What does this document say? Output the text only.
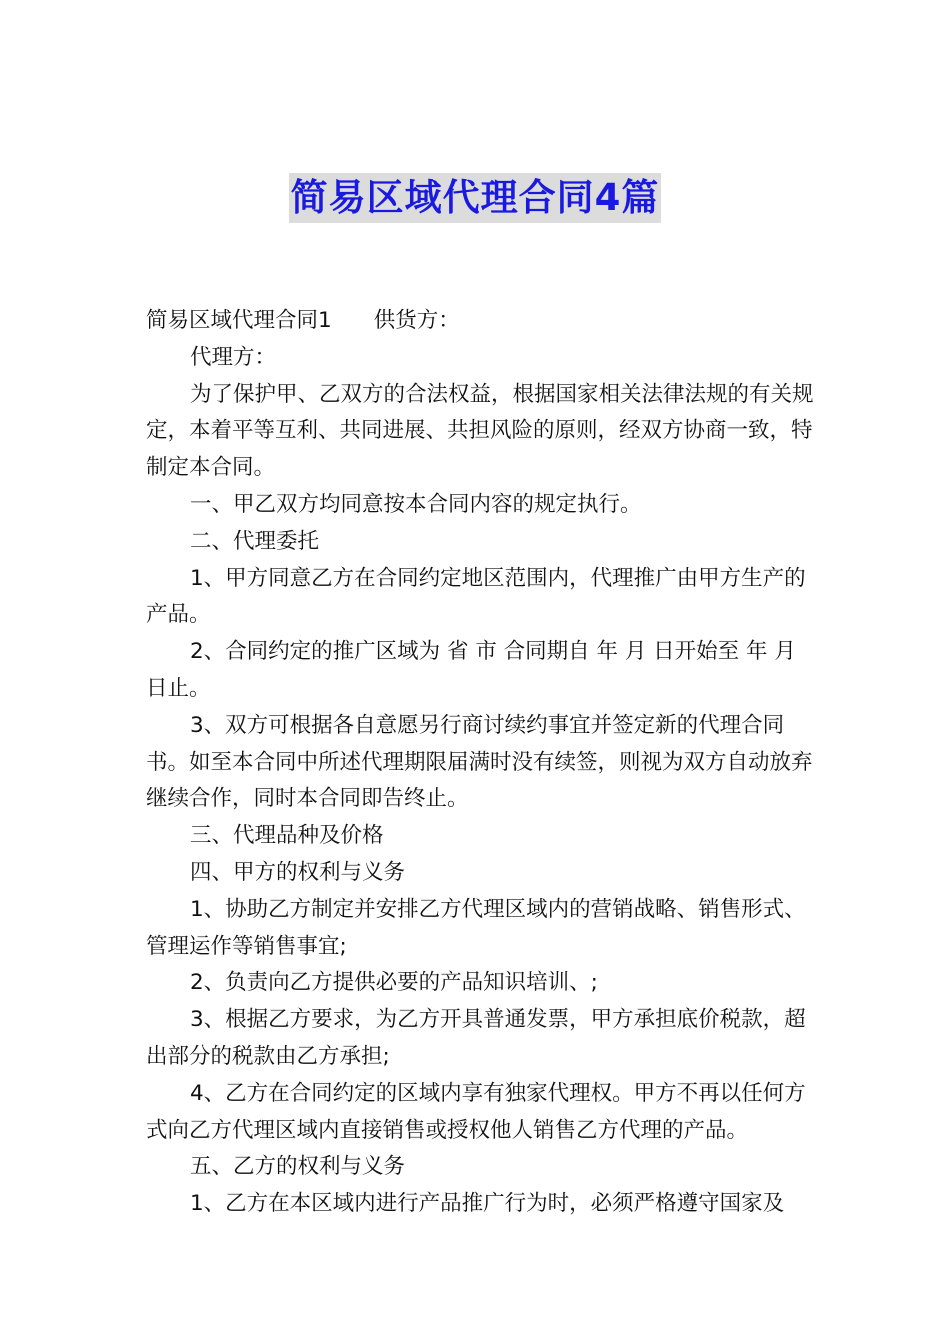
简易区域代理合同4篇

简易区域代理合同1 供货方：

代理方：

为了保护甲、乙双方的合法权益，根据国家相关法律法规的有关规定，本着平等互利、共同进展、共担风险的原则，经双方协商一致，特制定本合同。

一、甲乙双方均同意按本合同内容的规定执行。

二、代理委托

1、甲方同意乙方在合同约定地区范围内，代理推广由甲方生产的产品。

2、合同约定的推广区域为 省 市 合同期自 年 月 日开始至 年 月 日止。

3、双方可根据各自意愿另行商讨续约事宜并签定新的代理合同书。如至本合同中所述代理期限届满时没有续签，则视为双方自动放弃继续合作，同时本合同即告终止。

三、代理品种及价格

四、甲方的权利与义务

1、协助乙方制定并安排乙方代理区域内的营销战略、销售形式、管理运作等销售事宜;

2、负责向乙方提供必要的产品知识培训、;

3、根据乙方要求，为乙方开具普通发票，甲方承担底价税款，超出部分的税款由乙方承担;

4、乙方在合同约定的区域内享有独家代理权。甲方不再以任何方式向乙方代理区域内直接销售或授权他人销售乙方代理的产品。

五、乙方的权利与义务

1、乙方在本区域内进行产品推广行为时，必须严格遵守国家及
